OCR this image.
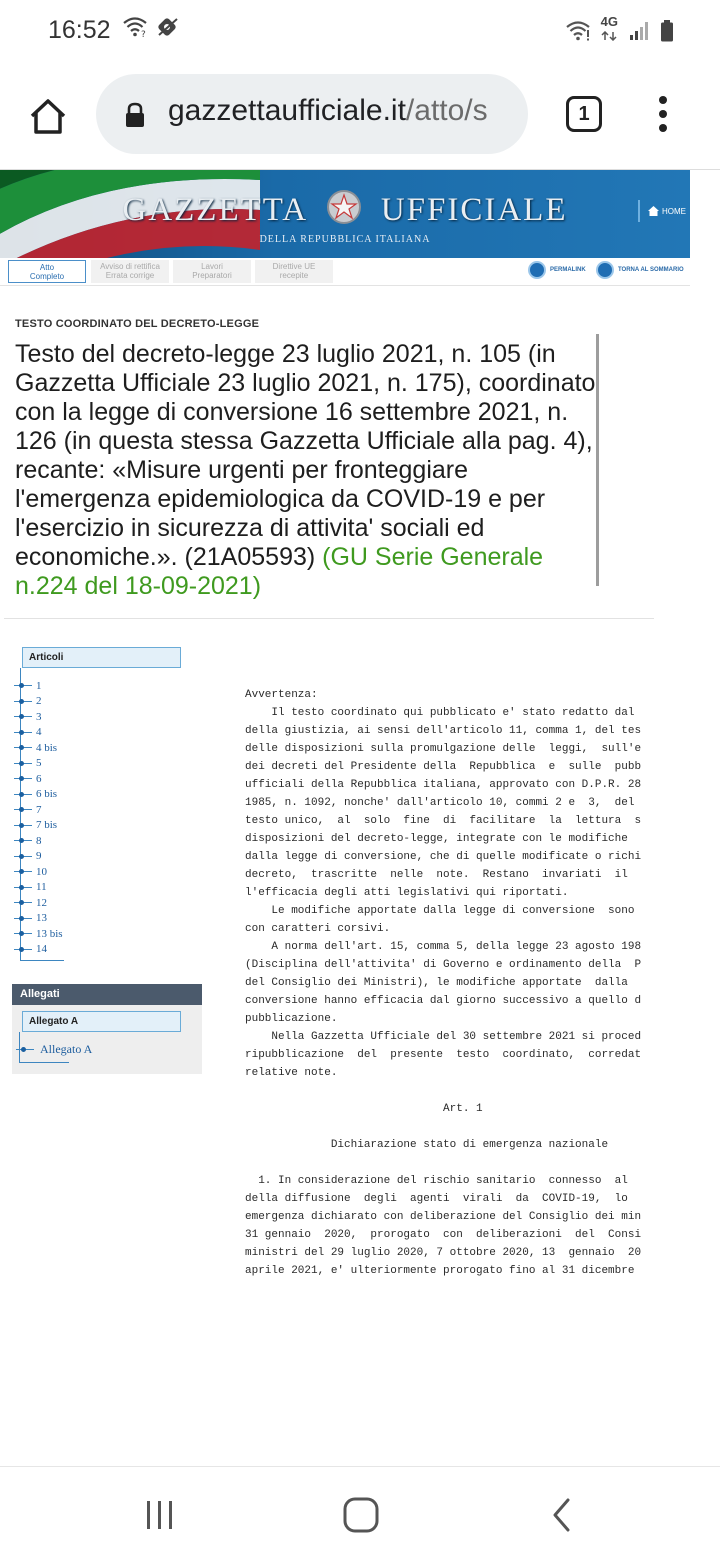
16:52	?
4G
gazzettaufficiale.it/atto/s	1
GAZZETTA UFFICIALE
DELLA REPUBBLICA ITALIANA
HOME
Atto
Completo
Avviso di rettifica
Errata corrige
Lavori
Preparatori
Direttive UE
recepite
PERMALINK	TORNA AL SOMMARIO
TESTO COORDINATO DEL DECRETO-LEGGE
Testo del decreto-legge 23 luglio 2021, n. 105 (in Gazzetta Ufficiale 23 luglio 2021, n. 175), coordinato con la legge di conversione 16 settembre 2021, n. 126 (in questa stessa Gazzetta Ufficiale alla pag. 4), recante: «Misure urgenti per fronteggiare l'emergenza epidemiologica da COVID-19 e per l'esercizio in sicurezza di attivita' sociali ed economiche.». (21A05593) (GU Serie Generale n.224 del 18-09-2021)
Articoli
1
2
3
4
4 bis
5
6
6 bis
7
7 bis
8
9
10
11
12
13
13 bis
14
Allegati
Allegato A
Allegato A
Avvertenza:
Il testo coordinato qui pubblicato e' stato redatto dal
della giustizia, ai sensi dell'articolo 11, comma 1, del tes
delle disposizioni sulla promulgazione delle  leggi,  sull'e
dei decreti del Presidente della  Repubblica  e  sulle  pubb
ufficiali della Repubblica italiana, approvato con D.P.R. 28
1985, n. 1092, nonche' dall'articolo 10, commi 2 e  3,  del
testo unico,  al  solo  fine  di  facilitare  la  lettura  s
disposizioni del decreto-legge, integrate con le modifiche
dalla legge di conversione, che di quelle modificate o richi
decreto,  trascritte  nelle  note.  Restano  invariati  il
l'efficacia degli atti legislativi qui riportati.
Le modifiche apportate dalla legge di conversione  sono
con caratteri corsivi.
A norma dell'art. 15, comma 5, della legge 23 agosto 198
(Disciplina dell'attivita' di Governo e ordinamento della  P
del Consiglio dei Ministri), le modifiche apportate  dalla
conversione hanno efficacia dal giorno successivo a quello d
pubblicazione.
Nella Gazzetta Ufficiale del 30 settembre 2021 si proced
ripubblicazione  del  presente  testo  coordinato,  corredat
relative note.

Art. 1

Dichiarazione stato di emergenza nazionale

1. In considerazione del rischio sanitario  connesso  al
della diffusione  degli  agenti  virali  da  COVID-19,  lo
emergenza dichiarato con deliberazione del Consiglio dei min
31 gennaio  2020,  prorogato  con  deliberazioni  del  Consi
ministri del 29 luglio 2020, 7 ottobre 2020, 13  gennaio  20
aprile 2021, e' ulteriormente prorogato fino al 31 dicembre
